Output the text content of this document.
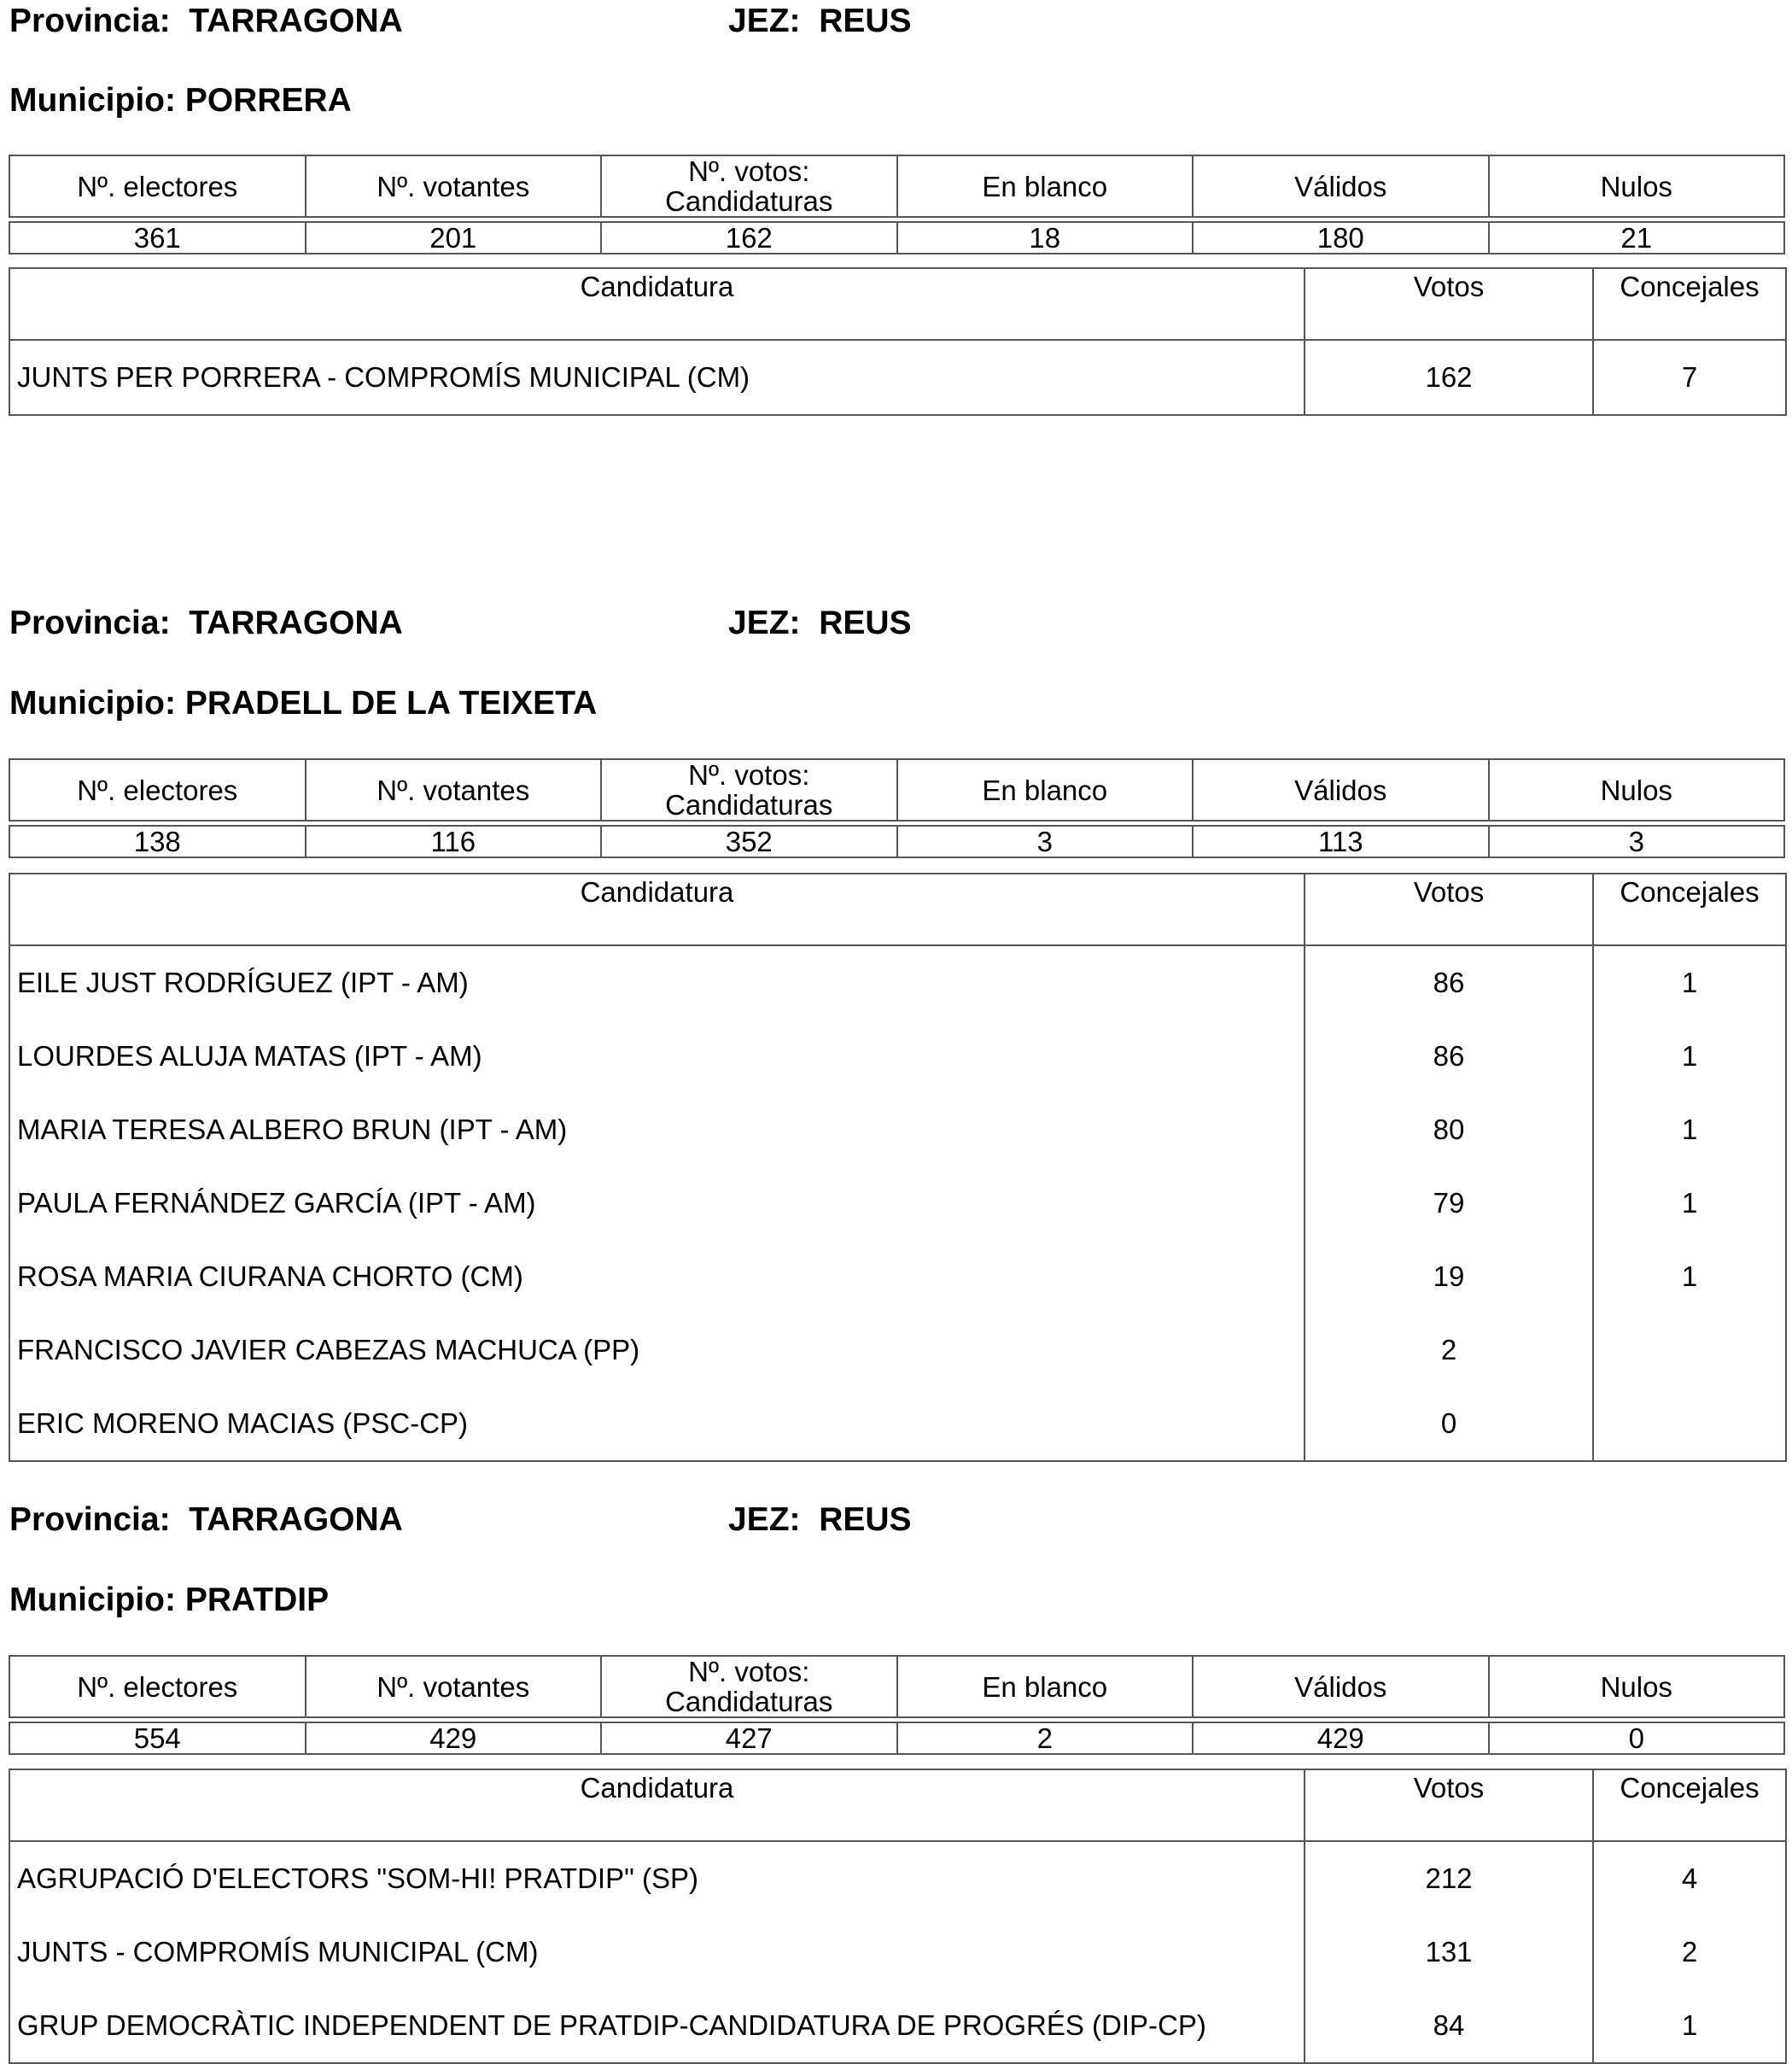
Provincia: TARRAGONA	JEZ: REUS
Municipio: PORRERA
Nº. electores	Nº. votantes	Nº. votos: Candidaturas	En blanco	Válidos	Nulos

361	201	162	18	180	21
Candidatura	Votos	Concejales
JUNTS PER PORRERA - COMPROMÍS MUNICIPAL (CM)	162	7
Provincia: TARRAGONA	JEZ: REUS
Municipio: PRADELL DE LA TEIXETA
Nº. electores	Nº. votantes	Nº. votos: Candidaturas	En blanco	Válidos	Nulos

138	116	352	3	113	3
Candidatura	Votos	Concejales
EILE JUST RODRÍGUEZ (IPT - AM)	86	1
LOURDES ALUJA MATAS (IPT - AM)	86	1
MARIA TERESA ALBERO BRUN (IPT - AM)	80	1
PAULA FERNÁNDEZ GARCÍA (IPT - AM)	79	1
ROSA MARIA CIURANA CHORTO (CM)	19	1
FRANCISCO JAVIER CABEZAS MACHUCA (PP)	2	
ERIC MORENO MACIAS (PSC-CP)	0	
Provincia: TARRAGONA	JEZ: REUS
Municipio: PRATDIP
Nº. electores	Nº. votantes	Nº. votos: Candidaturas	En blanco	Válidos	Nulos

554	429	427	2	429	0
Candidatura	Votos	Concejales
AGRUPACIÓ D'ELECTORS "SOM-HI! PRATDIP" (SP)	212	4
JUNTS - COMPROMÍS MUNICIPAL (CM)	131	2
GRUP DEMOCRÀTIC INDEPENDENT DE PRATDIP-CANDIDATURA DE PROGRÉS (DIP-CP)	84	1
